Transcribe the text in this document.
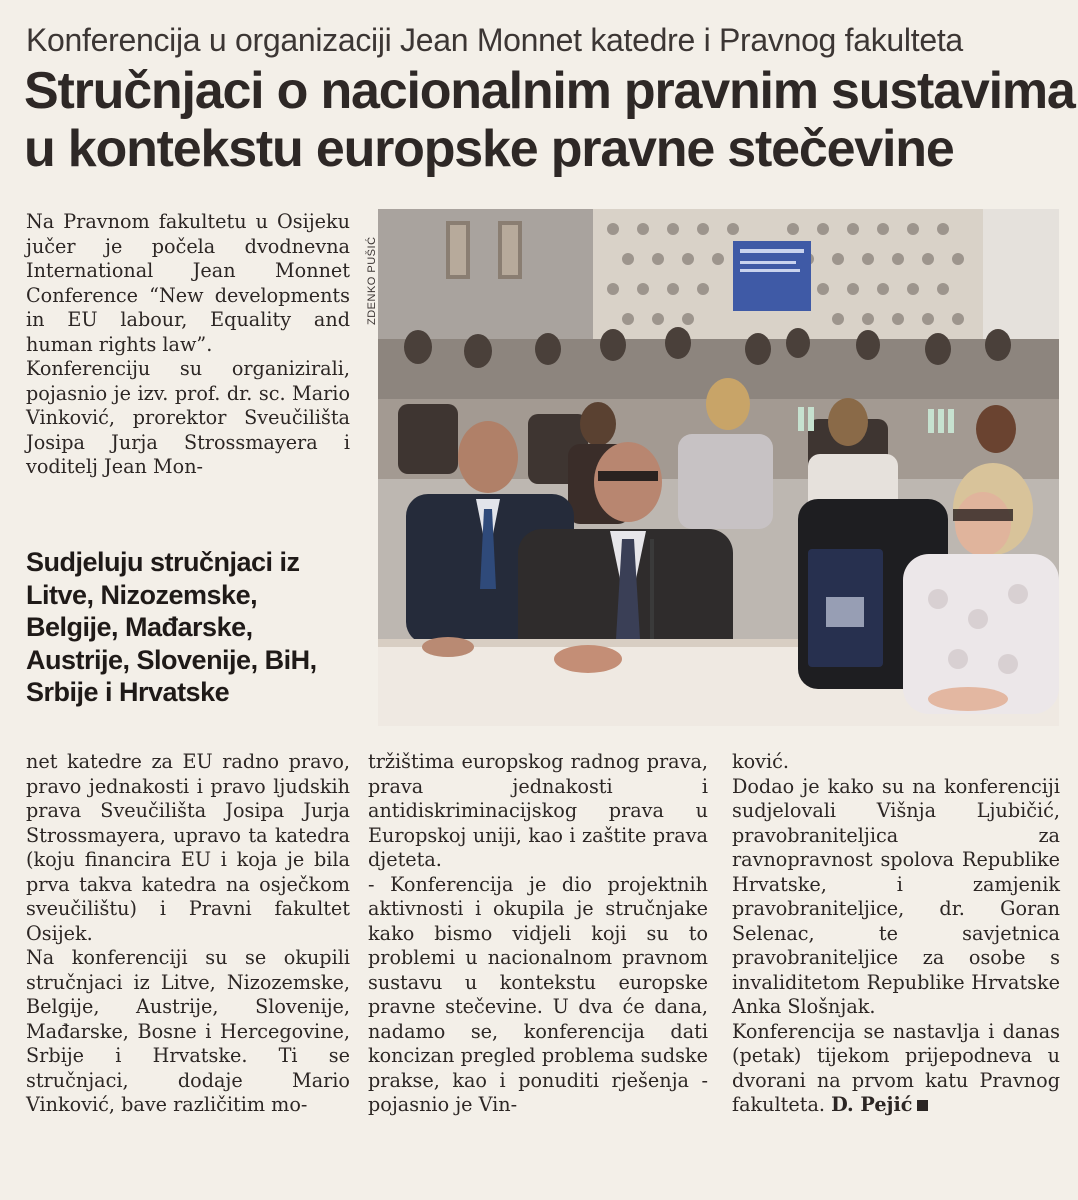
Konferencija u organizaciji Jean Monnet katedre i Pravnog fakulteta
Stručnjaci o nacionalnim pravnim sustavima
u kontekstu europske pravne stečevine

Na Pravnom fakultetu u Osijeku jučer je počela dvodnevna International Jean Monnet Conference “New developments in EU labour, Equality and human rights law”.

Konferenciju su organizirali, pojasnio je izv. prof. dr. sc. Mario Vinković, prorektor Sveučilišta Josipa Jurja Strossmayera i voditelj Jean Mon-

ZDENKO PUŠIĆ
Sudjeluju stručnjaci iz Litve, Nizozemske, Belgije, Mađarske, Austrije, Slovenije, BiH, Srbije i Hrvatske

net katedre za EU radno pravo, pravo jednakosti i pravo ljudskih prava Sveučilišta Josipa Jurja Strossmayera, upravo ta katedra (koju financira EU i koja je bila prva takva katedra na osječkom sveučilištu) i Pravni fakultet Osijek.

Na konferenciji su se okupili stručnjaci iz Litve, Nizozemske, Belgije, Austrije, Slovenije, Mađarske, Bosne i Hercegovine, Srbije i Hrvatske. Ti se stručnjaci, dodaje Mario Vinković, bave različitim mo-

tržištima europskog radnog prava, prava jednakosti i antidiskriminacijskog prava u Europskoj uniji, kao i zaštite prava djeteta.

- Konferencija je dio projektnih aktivnosti i okupila je stručnjake kako bismo vidjeli koji su to problemi u nacionalnom pravnom sustavu u kontekstu europske pravne stečevine. U dva će dana, nadamo se, konferencija dati koncizan pregled problema sudske prakse, kao i ponuditi rješenja - pojasnio je Vin-

ković.

Dodao je kako su na konferenciji sudjelovali Višnja Ljubičić, pravobraniteljica za ravnopravnost spolova Republike Hrvatske, i zamjenik pravobraniteljice, dr. Goran Selenac, te savjetnica pravobraniteljice za osobe s invaliditetom Republike Hrvatske Anka Slošnjak.

Konferencija se nastavlja i danas (petak) tijekom prijepodneva u dvorani na prvom katu Pravnog fakulteta. D. Pejić
